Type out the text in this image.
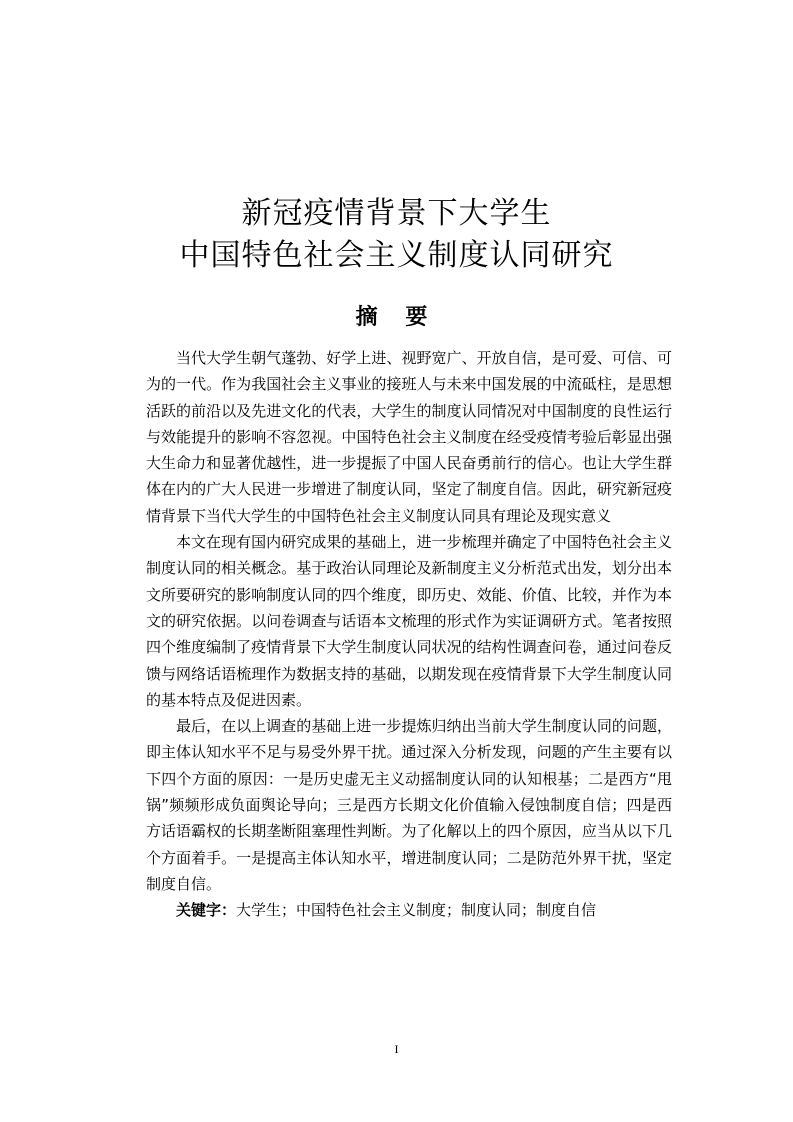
新冠疫情背景下大学生
中国特色社会主义制度认同研究
摘 要

当代大学生朝气蓬勃、好学上进、视野宽广、开放自信，是可爱、可信、可为的一代。作为我国社会主义事业的接班人与未来中国发展的中流砥柱，是思想活跃的前沿以及先进文化的代表，大学生的制度认同情况对中国制度的良性运行与效能提升的影响不容忽视。中国特色社会主义制度在经受疫情考验后彰显出强大生命力和显著优越性，进一步提振了中国人民奋勇前行的信心。也让大学生群体在内的广大人民进一步增进了制度认同，坚定了制度自信。因此，研究新冠疫情背景下当代大学生的中国特色社会主义制度认同具有理论及现实意义

本文在现有国内研究成果的基础上，进一步梳理并确定了中国特色社会主义制度认同的相关概念。基于政治认同理论及新制度主义分析范式出发，划分出本文所要研究的影响制度认同的四个维度，即历史、效能、价值、比较，并作为本文的研究依据。以问卷调查与话语本文梳理的形式作为实证调研方式。笔者按照四个维度编制了疫情背景下大学生制度认同状况的结构性调查问卷，通过问卷反馈与网络话语梳理作为数据支持的基础，以期发现在疫情背景下大学生制度认同的基本特点及促进因素。

最后，在以上调查的基础上进一步提炼归纳出当前大学生制度认同的问题，即主体认知水平不足与易受外界干扰。通过深入分析发现，问题的产生主要有以下四个方面的原因：一是历史虚无主义动摇制度认同的认知根基；二是西方“甩锅”频频形成负面舆论导向；三是西方长期文化价值输入侵蚀制度自信；四是西方话语霸权的长期垄断阻塞理性判断。为了化解以上的四个原因，应当从以下几个方面着手。一是提高主体认知水平，增进制度认同；二是防范外界干扰，坚定制度自信。

关键字：大学生；中国特色社会主义制度；制度认同；制度自信

I
